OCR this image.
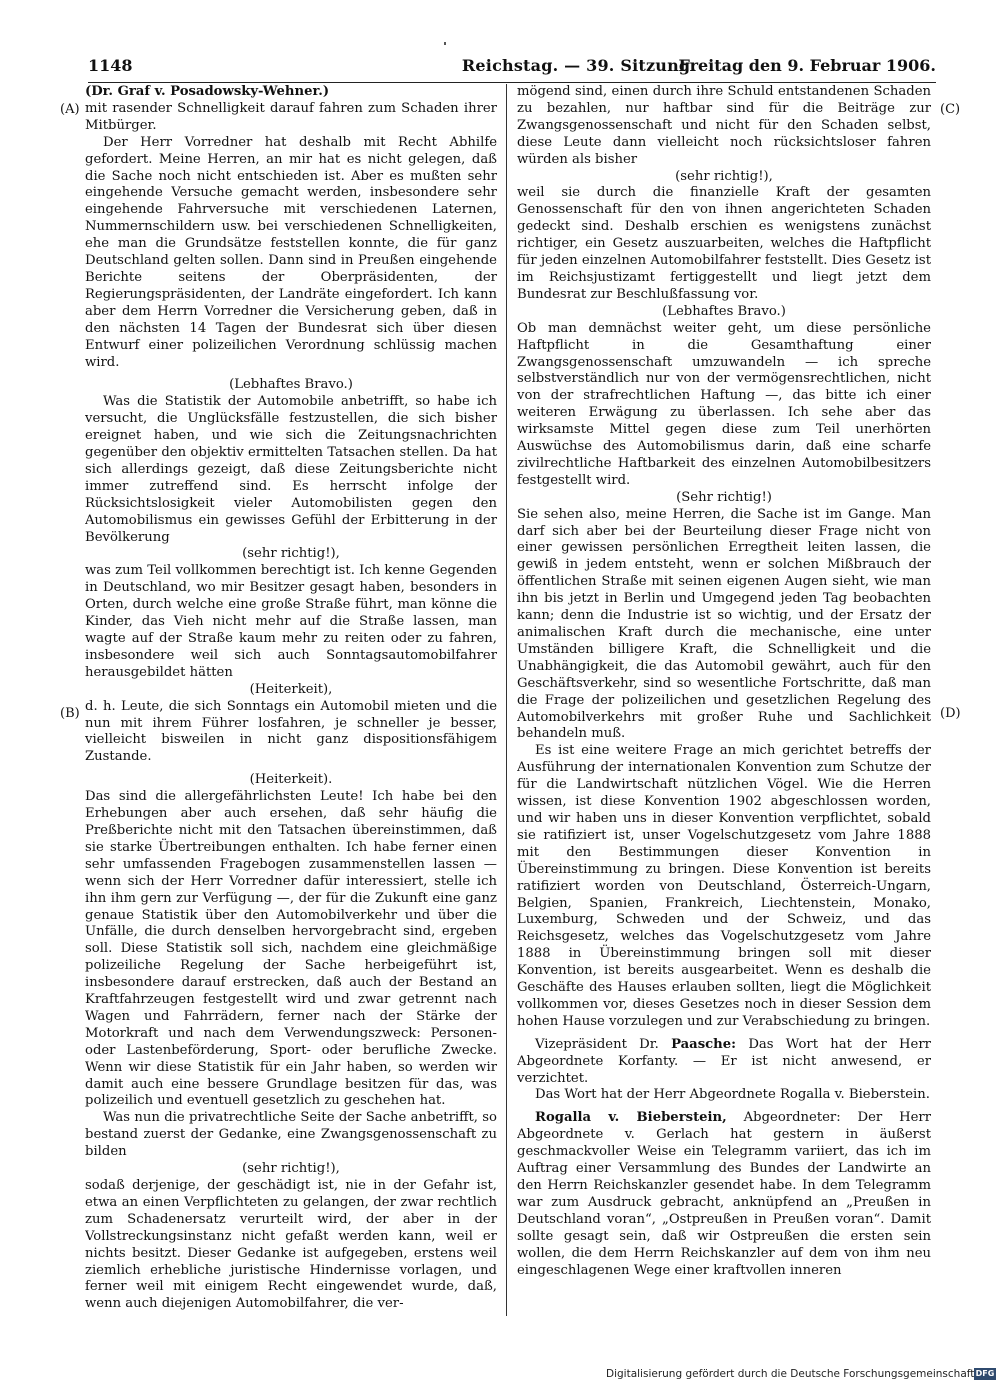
1148	Reichstag. — 39. Sitzung.
Freitag den 9. Februar 1906.
(A)
(B)
(C)
(D)

(Dr. Graf v. Posadowsky-Wehner.)

mit rasender Schnelligkeit darauf fahren zum Schaden ihrer Mitbürger.

Der Herr Vorredner hat deshalb mit Recht Abhilfe gefordert. Meine Herren, an mir hat es nicht gelegen, daß die Sache noch nicht entschieden ist. Aber es mußten sehr eingehende Versuche gemacht werden, insbesondere sehr eingehende Fahrversuche mit verschiedenen Laternen, Nummernschildern usw. bei verschiedenen Schnelligkeiten, ehe man die Grundsätze feststellen konnte, die für ganz Deutschland gelten sollen. Dann sind in Preußen eingehende Berichte seitens der Oberpräsidenten, der Regierungspräsidenten, der Landräte eingefordert. Ich kann aber dem Herrn Vorredner die Versicherung geben, daß in den nächsten 14 Tagen der Bundesrat sich über diesen Entwurf einer polizeilichen Verordnung schlüssig machen wird.

(Lebhaftes Bravo.)

Was die Statistik der Automobile anbetrifft, so habe ich versucht, die Unglücksfälle festzustellen, die sich bisher ereignet haben, und wie sich die Zeitungsnachrichten gegenüber den objektiv ermittelten Tatsachen stellen. Da hat sich allerdings gezeigt, daß diese Zeitungsberichte nicht immer zutreffend sind. Es herrscht infolge der Rücksichtslosigkeit vieler Automobilisten gegen den Automobilismus ein gewisses Gefühl der Erbitterung in der Bevölkerung

(sehr richtig!),

was zum Teil vollkommen berechtigt ist. Ich kenne Gegenden in Deutschland, wo mir Besitzer gesagt haben, besonders in Orten, durch welche eine große Straße führt, man könne die Kinder, das Vieh nicht mehr auf die Straße lassen, man wagte auf der Straße kaum mehr zu reiten oder zu fahren, insbesondere weil sich auch Sonntagsautomobilfahrer herausgebildet hätten

(Heiterkeit),

d. h. Leute, die sich Sonntags ein Automobil mieten und die nun mit ihrem Führer losfahren, je schneller je besser, vielleicht bisweilen in nicht ganz dispositionsfähigem Zustande.

(Heiterkeit).

Das sind die allergefährlichsten Leute! Ich habe bei den Erhebungen aber auch ersehen, daß sehr häufig die Preßberichte nicht mit den Tatsachen übereinstimmen, daß sie starke Übertreibungen enthalten. Ich habe ferner einen sehr umfassenden Fragebogen zusammenstellen lassen — wenn sich der Herr Vorredner dafür interessiert, stelle ich ihn ihm gern zur Verfügung —, der für die Zukunft eine ganz genaue Statistik über den Automobilverkehr und über die Unfälle, die durch denselben hervorgebracht sind, ergeben soll. Diese Statistik soll sich, nachdem eine gleichmäßige polizeiliche Regelung der Sache herbeigeführt ist, insbesondere darauf erstrecken, daß auch der Bestand an Kraftfahrzeugen festgestellt wird und zwar getrennt nach Wagen und Fahrrädern, ferner nach der Stärke der Motorkraft und nach dem Verwendungszweck: Personen- oder Lastenbeförderung, Sport- oder berufliche Zwecke. Wenn wir diese Statistik für ein Jahr haben, so werden wir damit auch eine bessere Grundlage besitzen für das, was polizeilich und eventuell gesetzlich zu geschehen hat.

Was nun die privatrechtliche Seite der Sache anbetrifft, so bestand zuerst der Gedanke, eine Zwangsgenossenschaft zu bilden

(sehr richtig!),

sodaß derjenige, der geschädigt ist, nie in der Gefahr ist, etwa an einen Verpflichteten zu gelangen, der zwar rechtlich zum Schadenersatz verurteilt wird, der aber in der Vollstreckungsinstanz nicht gefaßt werden kann, weil er nichts besitzt. Dieser Gedanke ist aufgegeben, erstens weil ziemlich erhebliche juristische Hindernisse vorlagen, und ferner weil mit einigem Recht eingewendet wurde, daß, wenn auch diejenigen Automobilfahrer, die ver-

mögend sind, einen durch ihre Schuld entstandenen Schaden zu bezahlen, nur haftbar sind für die Beiträge zur Zwangsgenossenschaft und nicht für den Schaden selbst, diese Leute dann vielleicht noch rücksichtsloser fahren würden als bisher

(sehr richtig!),

weil sie durch die finanzielle Kraft der gesamten Genossenschaft für den von ihnen angerichteten Schaden gedeckt sind. Deshalb erschien es wenigstens zunächst richtiger, ein Gesetz auszuarbeiten, welches die Haftpflicht für jeden einzelnen Automobilfahrer feststellt. Dies Gesetz ist im Reichsjustizamt fertiggestellt und liegt jetzt dem Bundesrat zur Beschlußfassung vor.

(Lebhaftes Bravo.)

Ob man demnächst weiter geht, um diese persönliche Haftpflicht in die Gesamthaftung einer Zwangsgenossenschaft umzuwandeln — ich spreche selbstverständlich nur von der vermögensrechtlichen, nicht von der strafrechtlichen Haftung —, das bitte ich einer weiteren Erwägung zu überlassen. Ich sehe aber das wirksamste Mittel gegen diese zum Teil unerhörten Auswüchse des Automobilismus darin, daß eine scharfe zivilrechtliche Haftbarkeit des einzelnen Automobilbesitzers festgestellt wird.

(Sehr richtig!)

Sie sehen also, meine Herren, die Sache ist im Gange. Man darf sich aber bei der Beurteilung dieser Frage nicht von einer gewissen persönlichen Erregtheit leiten lassen, die gewiß in jedem entsteht, wenn er solchen Mißbrauch der öffentlichen Straße mit seinen eigenen Augen sieht, wie man ihn bis jetzt in Berlin und Umgegend jeden Tag beobachten kann; denn die Industrie ist so wichtig, und der Ersatz der animalischen Kraft durch die mechanische, eine unter Umständen billigere Kraft, die Schnelligkeit und die Unabhängigkeit, die das Automobil gewährt, auch für den Geschäftsverkehr, sind so wesentliche Fortschritte, daß man die Frage der polizeilichen und gesetzlichen Regelung des Automobilverkehrs mit großer Ruhe und Sachlichkeit behandeln muß.

Es ist eine weitere Frage an mich gerichtet betreffs der Ausführung der internationalen Konvention zum Schutze der für die Landwirtschaft nützlichen Vögel. Wie die Herren wissen, ist diese Konvention 1902 abgeschlossen worden, und wir haben uns in dieser Konvention verpflichtet, sobald sie ratifiziert ist, unser Vogelschutzgesetz vom Jahre 1888 mit den Bestimmungen dieser Konvention in Übereinstimmung zu bringen. Diese Konvention ist bereits ratifiziert worden von Deutschland, Österreich-Ungarn, Belgien, Spanien, Frankreich, Liechtenstein, Monako, Luxemburg, Schweden und der Schweiz, und das Reichsgesetz, welches das Vogelschutzgesetz vom Jahre 1888 in Übereinstimmung bringen soll mit dieser Konvention, ist bereits ausgearbeitet. Wenn es deshalb die Geschäfte des Hauses erlauben sollten, liegt die Möglichkeit vollkommen vor, dieses Gesetzes noch in dieser Session dem hohen Hause vorzulegen und zur Verabschiedung zu bringen.

Vizepräsident Dr. Paasche: Das Wort hat der Herr Abgeordnete Korfanty. — Er ist nicht anwesend, er verzichtet.

Das Wort hat der Herr Abgeordnete Rogalla v. Bieberstein.

Rogalla v. Bieberstein, Abgeordneter: Der Herr Abgeordnete v. Gerlach hat gestern in äußerst geschmackvoller Weise ein Telegramm variiert, das ich im Auftrag einer Versammlung des Bundes der Landwirte an den Herrn Reichskanzler gesendet habe. In dem Telegramm war zum Ausdruck gebracht, anknüpfend an „Preußen in Deutschland voran“, „Ostpreußen in Preußen voran“. Damit sollte gesagt sein, daß wir Ostpreußen die ersten sein wollen, die dem Herrn Reichskanzler auf dem von ihm neu eingeschlagenen Wege einer kraftvollen inneren

Digitalisierung gefördert durch die Deutsche Forschungsgemeinschaft DFG
